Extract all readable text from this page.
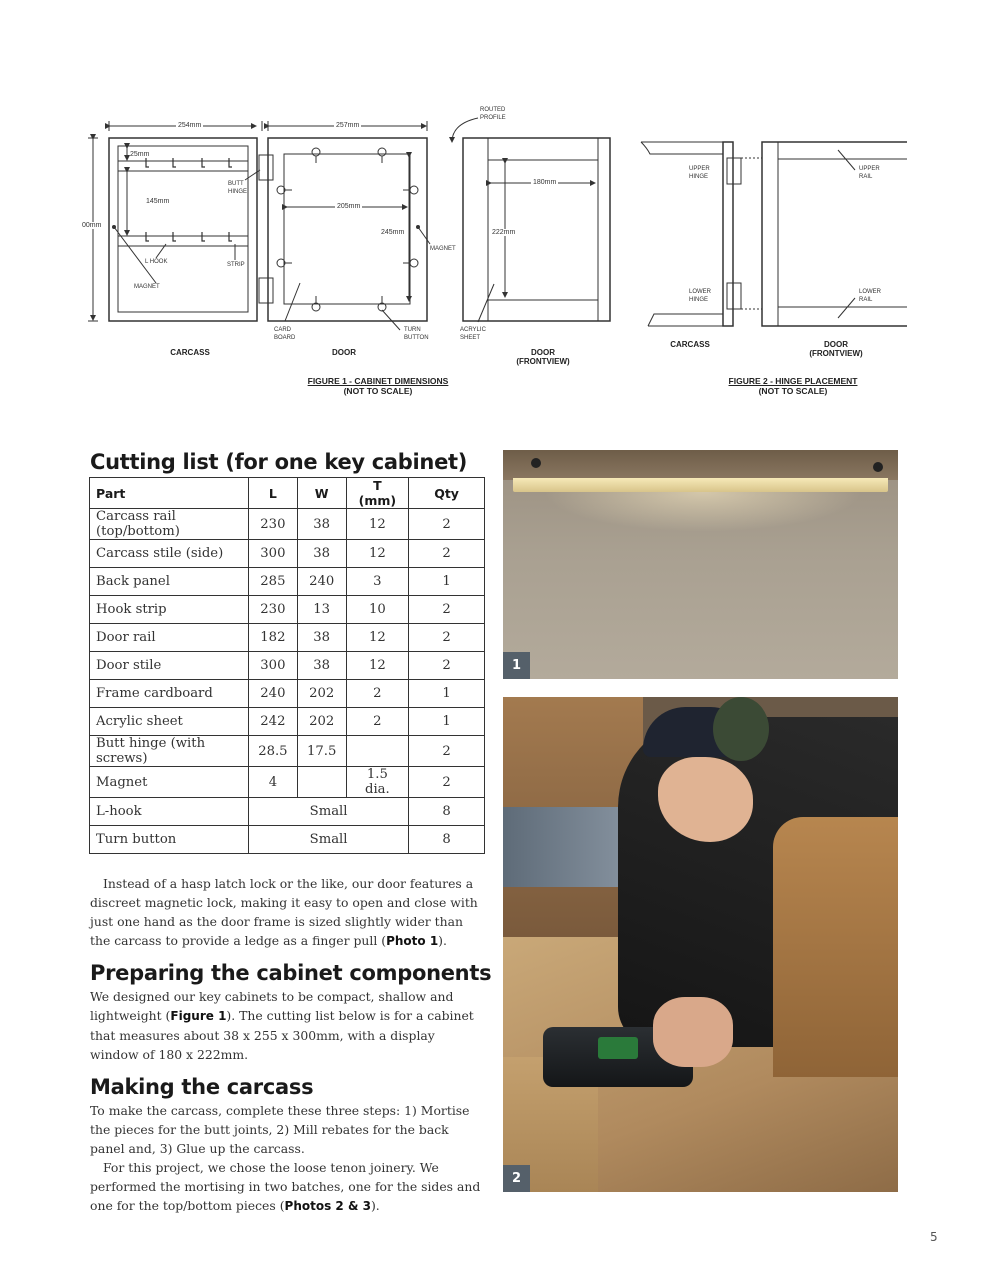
254mm	257mm
25mm
145mm
00mm
205mm
245mm
180mm
222mm
ROUTED
PROFILE
BUTT
HINGE
L HOOK	STRIP
MAGNET
MAGNET
CARD
BOARD
TURN
BUTTON
ACRYLIC
SHEET
CARCASS	DOOR	DOOR
(FRONTVIEW)
FIGURE 1 - CABINET DIMENSIONS
(NOT TO SCALE)
UPPER
HINGE
LOWER
HINGE
UPPER
RAIL
LOWER
RAIL
CARCASS	DOOR
(FRONTVIEW)
FIGURE 2 - HINGE PLACEMENT
(NOT TO SCALE)
Cutting list (for one key cabinet)
Part	L	W	T (mm)	Qty
Carcass rail (top/bottom)	230	38	12	2
Carcass stile (side)	300	38	12	2
Back panel	285	240	3	1
Hook strip	230	13	10	2
Door rail	182	38	12	2
Door stile	300	38	12	2
Frame cardboard	240	202	2	1
Acrylic sheet	242	202	2	1
Butt hinge (with screws)	28.5	17.5		2
Magnet	4		1.5 dia.	2
L-hook	Small			8
Turn button	Small			8

Instead of a hasp latch lock or the like, our door features a discreet magnetic lock, making it easy to open and close with just one hand as the door frame is sized slightly wider than the carcass to provide a ledge as a finger pull (Photo 1).

Preparing the cabinet components

We designed our key cabinets to be compact, shallow and lightweight (Figure 1). The cutting list below is for a cabinet that measures about 38 x 255 x 300mm, with a display window of 180 x 222mm.

Making the carcass

To make the carcass, complete these three steps: 1) Mortise the pieces for the butt joints, 2) Mill rebates for the back panel and, 3) Glue up the carcass.

For this project, we chose the loose tenon joinery. We performed the mortising in two batches, one for the sides and one for the top/bottom pieces (Photos 2 & 3).

1
2
5
